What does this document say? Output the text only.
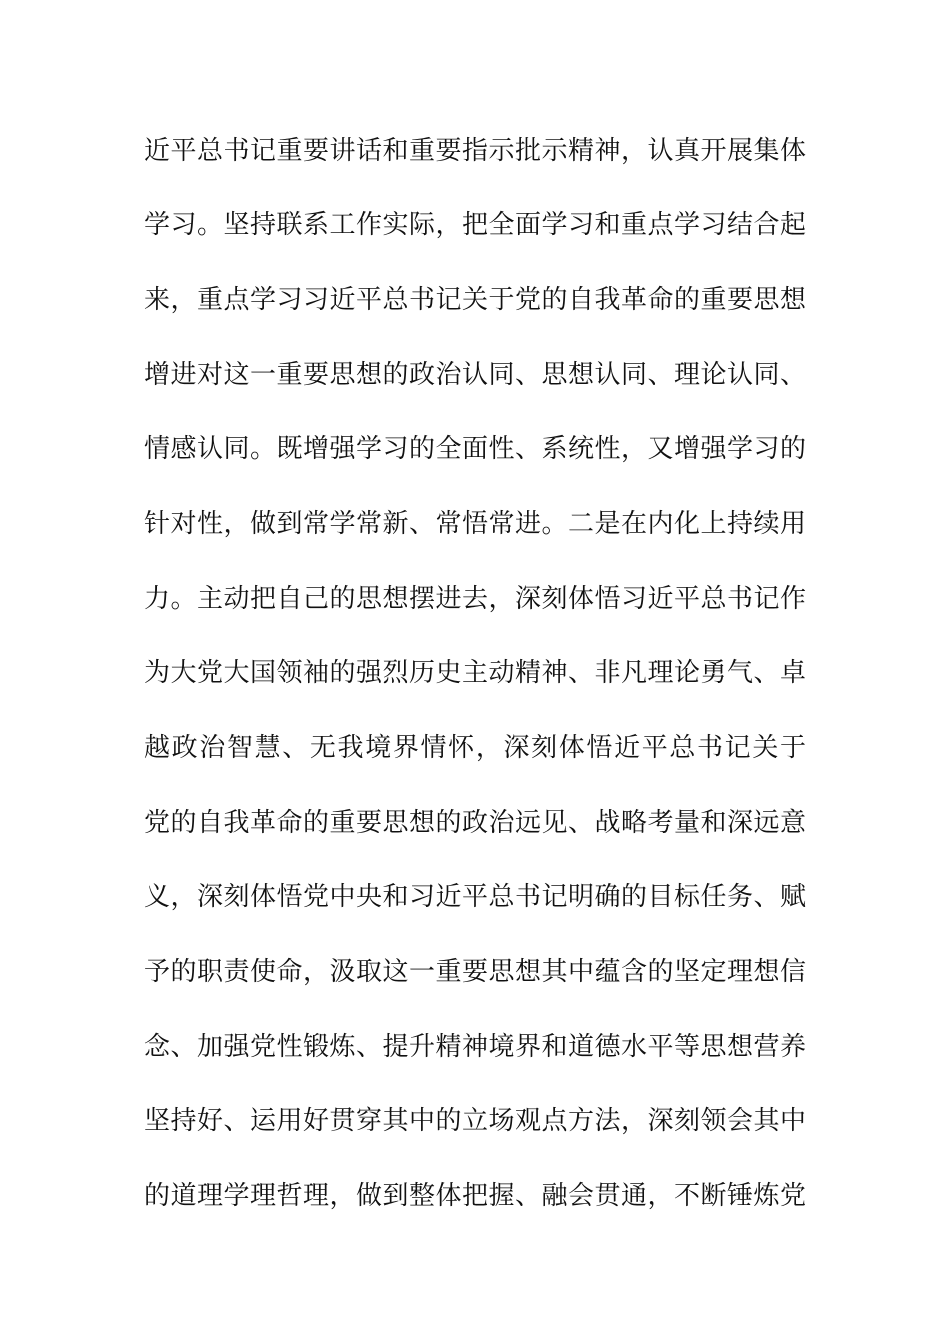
近平总书记重要讲话和重要指示批示精神，认真开展集体
学习。坚持联系工作实际，把全面学习和重点学习结合起
来，重点学习习近平总书记关于党的自我革命的重要思想
增进对这一重要思想的政治认同、思想认同、理论认同、
情感认同。既增强学习的全面性、系统性，又增强学习的
针对性，做到常学常新、常悟常进。二是在内化上持续用
力。主动把自己的思想摆进去，深刻体悟习近平总书记作
为大党大国领袖的强烈历史主动精神、非凡理论勇气、卓
越政治智慧、无我境界情怀，深刻体悟近平总书记关于
党的自我革命的重要思想的政治远见、战略考量和深远意
义，深刻体悟党中央和习近平总书记明确的目标任务、赋
予的职责使命，汲取这一重要思想其中蕴含的坚定理想信
念、加强党性锻炼、提升精神境界和道德水平等思想营养
坚持好、运用好贯穿其中的立场观点方法，深刻领会其中
的道理学理哲理，做到整体把握、融会贯通，不断锤炼党
